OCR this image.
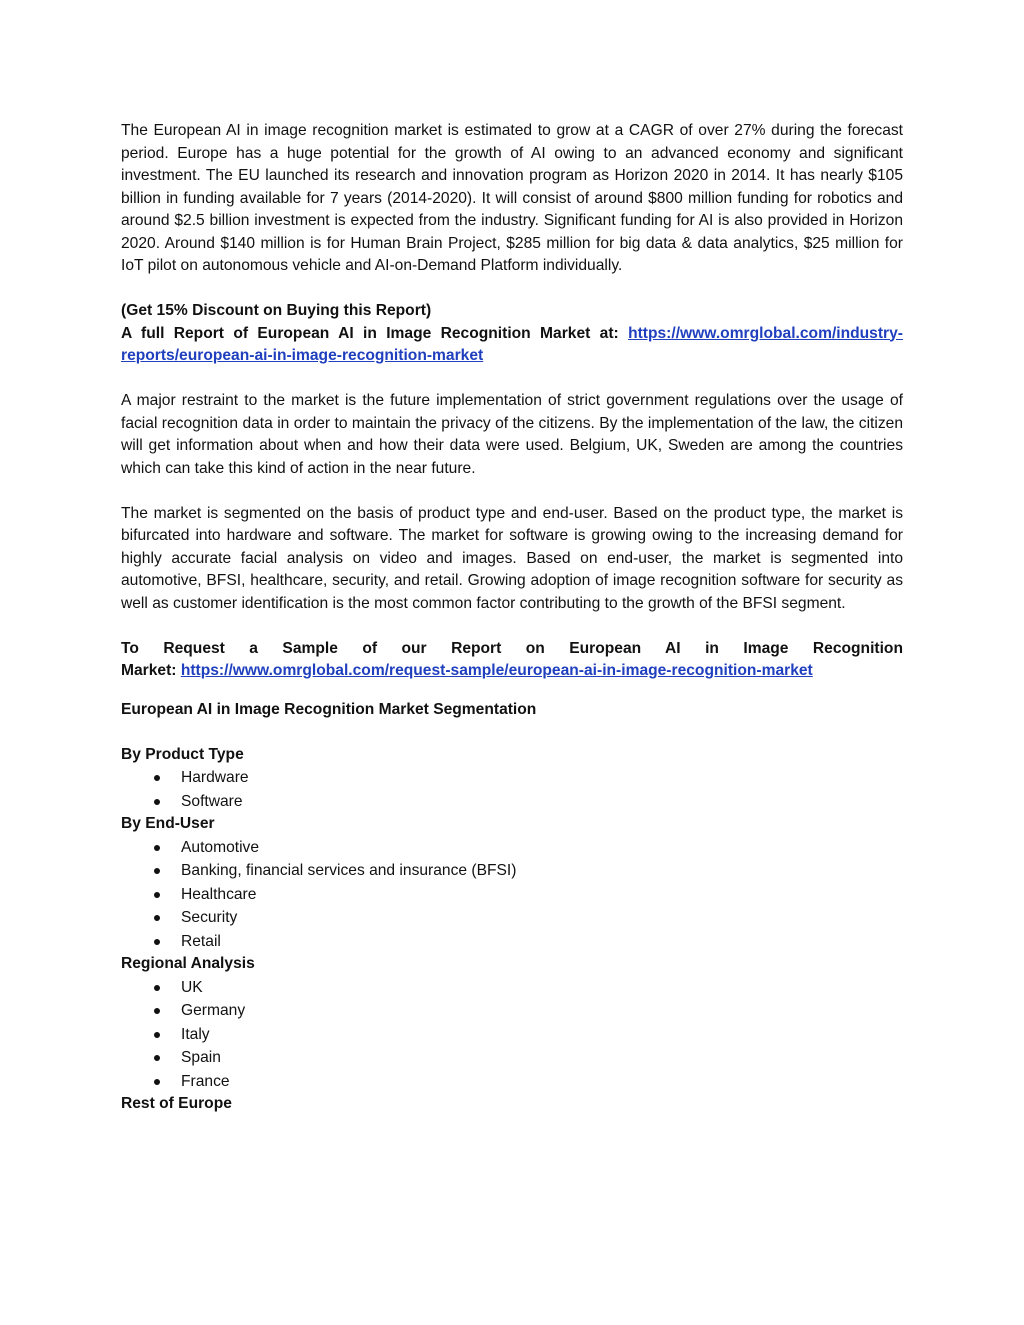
The European AI in image recognition market is estimated to grow at a CAGR of over 27% during the forecast period. Europe has a huge potential for the growth of AI owing to an advanced economy and significant investment. The EU launched its research and innovation program as Horizon 2020 in 2014. It has nearly $105 billion in funding available for 7 years (2014-2020). It will consist of around $800 million funding for robotics and around $2.5 billion investment is expected from the industry. Significant funding for AI is also provided in Horizon 2020. Around $140 million is for Human Brain Project, $285 million for big data & data analytics, $25 million for IoT pilot on autonomous vehicle and AI-on-Demand Platform individually.

(Get 15% Discount on Buying this Report)

A full Report of European AI in Image Recognition Market at: https://www.omrglobal.com/industry-reports/european-ai-in-image-recognition-market

A major restraint to the market is the future implementation of strict government regulations over the usage of facial recognition data in order to maintain the privacy of the citizens. By the implementation of the law, the citizen will get information about when and how their data were used. Belgium, UK, Sweden are among the countries which can take this kind of action in the near future.

The market is segmented on the basis of product type and end-user. Based on the product type, the market is bifurcated into hardware and software. The market for software is growing owing to the increasing demand for highly accurate facial analysis on video and images. Based on end-user, the market is segmented into automotive, BFSI, healthcare, security, and retail. Growing adoption of image recognition software for security as well as customer identification is the most common factor contributing to the growth of the BFSI segment.

To Request a Sample of our Report on European AI in Image Recognition

Market: https://www.omrglobal.com/request-sample/european-ai-in-image-recognition-market

European AI in Image Recognition Market Segmentation

By Product Type
Hardware
Software
By End-User
Automotive
Banking, financial services and insurance (BFSI)
Healthcare
Security
Retail
Regional Analysis
UK
Germany
Italy
Spain
France
Rest of Europe
